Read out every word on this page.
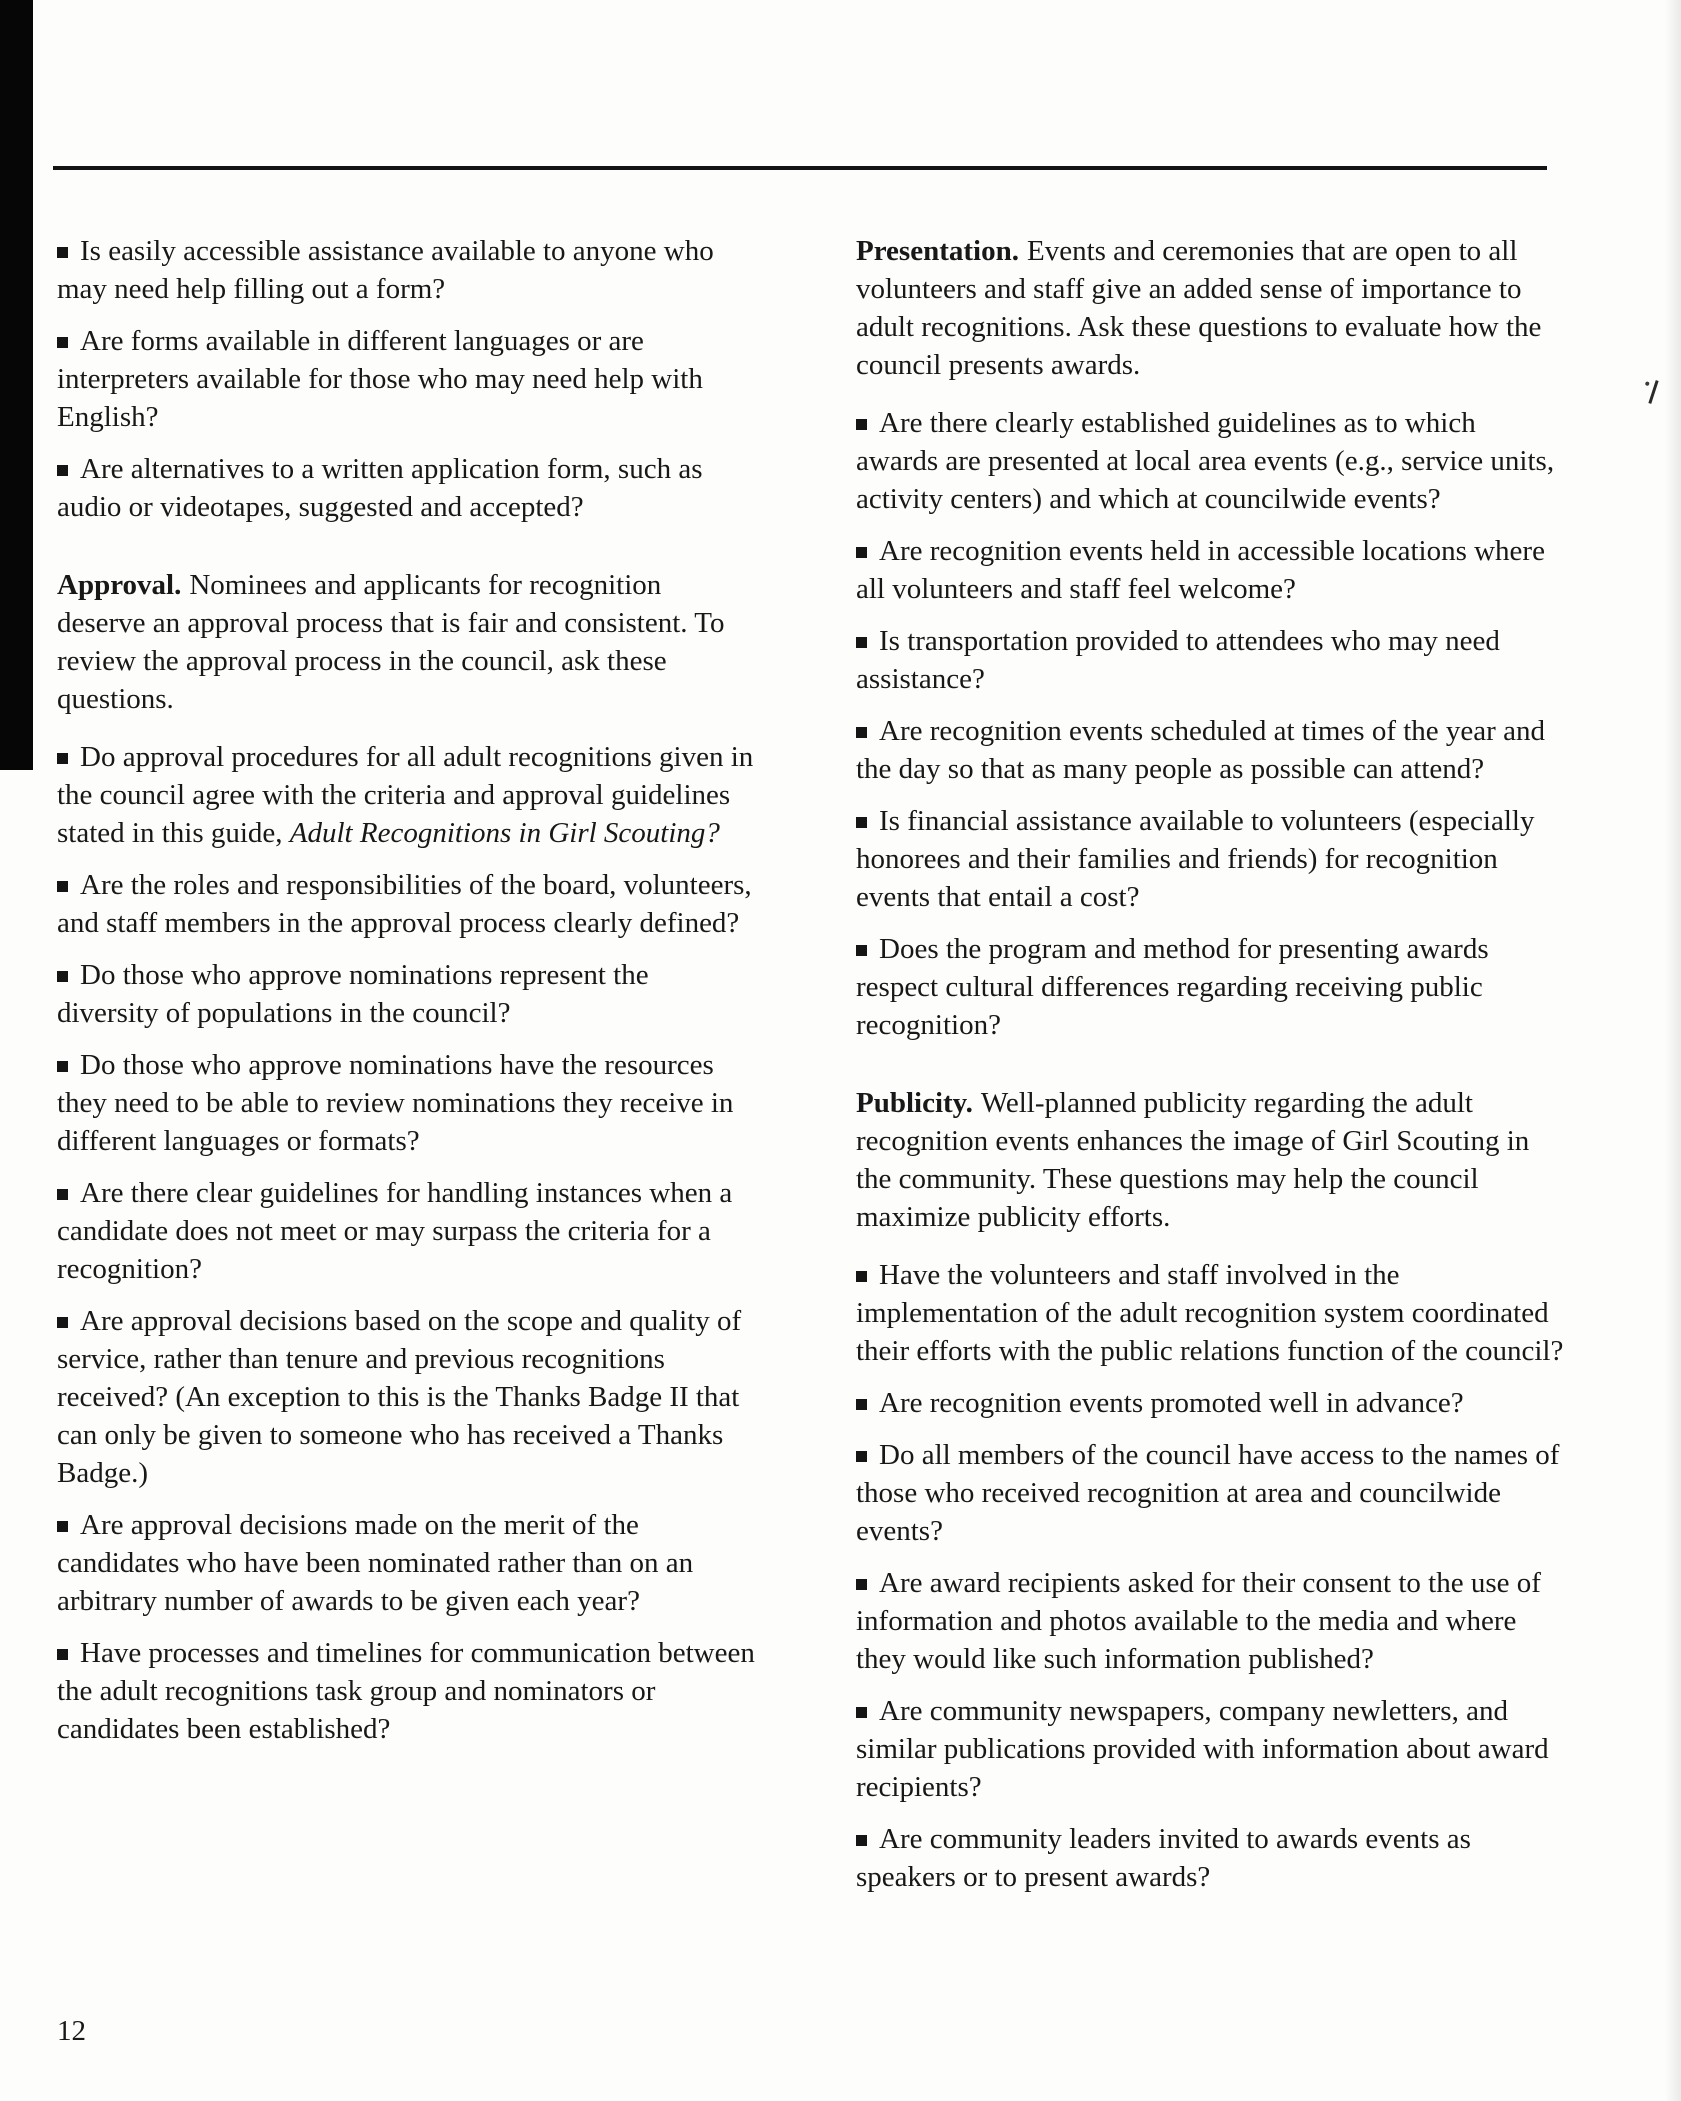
Is easily accessible assistance available to anyone who may need help filling out a form?

Are forms available in different languages or are interpreters available for those who may need help with English?

Are alternatives to a written application form, such as audio or videotapes, suggested and accepted?

Approval. Nominees and applicants for recognition deserve an approval process that is fair and consistent. To review the approval process in the council, ask these questions.

Do approval procedures for all adult recognitions given in the council agree with the criteria and approval guidelines stated in this guide, Adult Recognitions in Girl Scouting?

Are the roles and responsibilities of the board, volunteers, and staff members in the approval process clearly defined?

Do those who approve nominations represent the diversity of populations in the council?

Do those who approve nominations have the resources they need to be able to review nominations they receive in different languages or formats?

Are there clear guidelines for handling instances when a candidate does not meet or may surpass the criteria for a recognition?

Are approval decisions based on the scope and quality of service, rather than tenure and previous recognitions received? (An exception to this is the Thanks Badge II that can only be given to someone who has received a Thanks Badge.)

Are approval decisions made on the merit of the candidates who have been nominated rather than on an arbitrary number of awards to be given each year?

Have processes and timelines for communication between the adult recognitions task group and nominators or candidates been established?

Presentation. Events and ceremonies that are open to all volunteers and staff give an added sense of importance to adult recognitions. Ask these questions to evaluate how the council presents awards.

Are there clearly established guidelines as to which awards are presented at local area events (e.g., service units, activity centers) and which at councilwide events?

Are recognition events held in accessible locations where all volunteers and staff feel welcome?

Is transportation provided to attendees who may need assistance?

Are recognition events scheduled at times of the year and the day so that as many people as possible can attend?

Is financial assistance available to volunteers (especially honorees and their families and friends) for recognition events that entail a cost?

Does the program and method for presenting awards respect cultural differences regarding receiving public recognition?

Publicity. Well-planned publicity regarding the adult recognition events enhances the image of Girl Scouting in the community. These questions may help the council maximize publicity efforts.

Have the volunteers and staff involved in the implementation of the adult recognition system coordinated their efforts with the public relations function of the council?

Are recognition events promoted well in advance?

Do all members of the council have access to the names of those who received recognition at area and councilwide events?

Are award recipients asked for their consent to the use of information and photos available to the media and where they would like such information published?

Are community newspapers, company newletters, and similar publications provided with information about award recipients?

Are community leaders invited to awards events as speakers or to present awards?

12
